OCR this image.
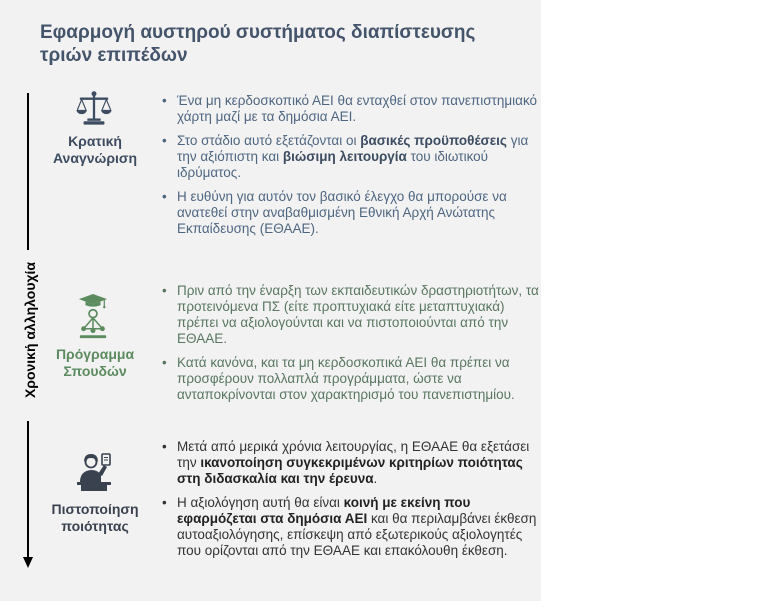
Εφαρμογή αυστηρού συστήματος διαπίστευσης τριών επιπέδων
Χρονική αλληλουχία
Κρατική Αναγνώριση
• Ένα μη κερδοσκοπικό ΑΕΙ θα ενταχθεί στον πανεπιστημιακό χάρτη μαζί με τα δημόσια ΑΕΙ.
• Στο στάδιο αυτό εξετάζονται οι βασικές προϋποθέσεις για την αξιόπιστη και βιώσιμη λειτουργία του ιδιωτικού ιδρύματος.
• Η ευθύνη για αυτόν τον βασικό έλεγχο θα μπορούσε να ανατεθεί στην αναβαθμισμένη Εθνική Αρχή Ανώτατης Εκπαίδευσης (ΕΘΑΑΕ).
Πρόγραμμα Σπουδών
• Πριν από την έναρξη των εκπαιδευτικών δραστηριοτήτων, τα προτεινόμενα ΠΣ (είτε προπτυχιακά είτε μεταπτυχιακά) πρέπει να αξιολογούνται και να πιστοποιούνται από την ΕΘΑΑΕ.
• Κατά κανόνα, και τα μη κερδοσκοπικά ΑΕΙ θα πρέπει να προσφέρουν πολλαπλά προγράμματα, ώστε να ανταποκρίνονται στον χαρακτηρισμό του πανεπιστημίου.
Πιστοποίηση ποιότητας
• Μετά από μερικά χρόνια λειτουργίας, η ΕΘΑΑΕ θα εξετάσει την ικανοποίηση συγκεκριμένων κριτηρίων ποιότητας στη διδασκαλία και την έρευνα.
• Η αξιολόγηση αυτή θα είναι κοινή με εκείνη που εφαρμόζεται στα δημόσια ΑΕΙ και θα περιλαμβάνει έκθεση αυτοαξιολόγησης, επίσκεψη από εξωτερικούς αξιολογητές που ορίζονται από την ΕΘΑΑΕ και επακόλουθη έκθεση.
